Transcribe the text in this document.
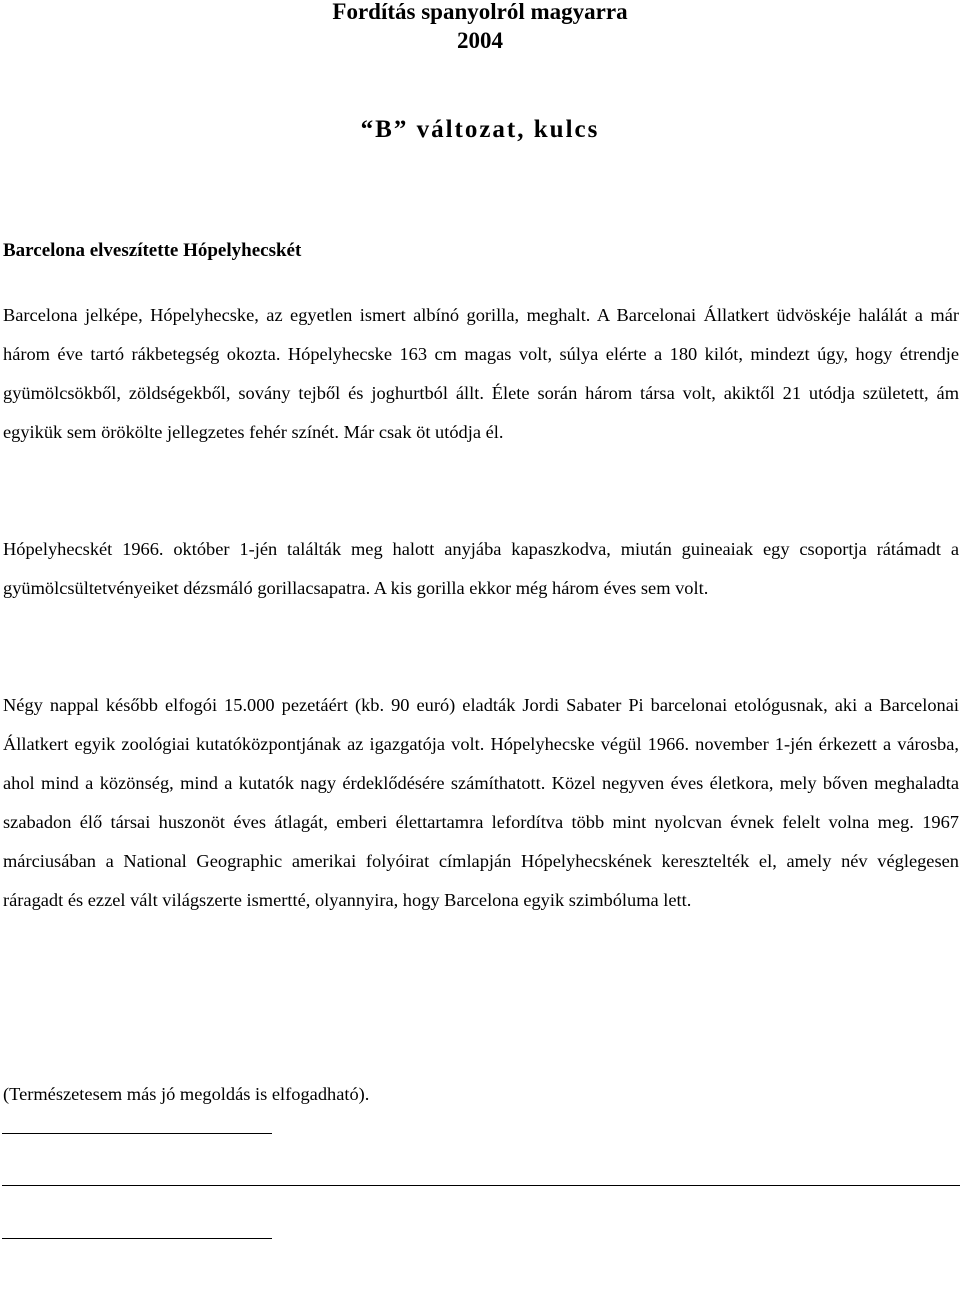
Fordítás spanyolról magyarra
2004
“B” változat, kulcs
Barcelona elveszítette Hópelyhecskét

Barcelona jelképe, Hópelyhecske, az egyetlen ismert albínó gorilla, meghalt. A Barcelonai Állatkert üdvöskéje halálát a már három éve tartó rákbetegség okozta. Hópelyhecske 163 cm magas volt, súlya elérte a 180 kilót, mindezt úgy, hogy étrendje gyümölcsökből, zöldségekből, sovány tejből és joghurtból állt. Élete során három társa volt, akiktől 21 utódja született, ám egyikük sem örökölte jellegzetes fehér színét. Már csak öt utódja él.

Hópelyhecskét 1966. október 1-jén találták meg halott anyjába kapaszkodva, miután guineaiak egy csoportja rátámadt a gyümölcsültetvényeiket dézsmáló gorillacsapatra. A kis gorilla ekkor még három éves sem volt.

Négy nappal később elfogói 15.000 pezetáért (kb. 90 euró) eladták Jordi Sabater Pi barcelonai etológusnak, aki a Barcelonai Állatkert egyik zoológiai kutatóközpontjának az igazgatója volt. Hópelyhecske végül 1966. november 1-jén érkezett a városba, ahol mind a közönség, mind a kutatók nagy érdeklődésére számíthatott. Közel negyven éves életkora, mely bőven meghaladta szabadon élő társai huszonöt éves átlagát, emberi élettartamra lefordítva több mint nyolcvan évnek felelt volna meg. 1967 márciusában a National Geographic amerikai folyóirat címlapján Hópelyhecskének keresztelték el, amely név véglegesen ráragadt és ezzel vált világszerte ismertté, olyannyira, hogy Barcelona egyik szimbóluma lett.

(Természetesem más jó megoldás is elfogadható).
